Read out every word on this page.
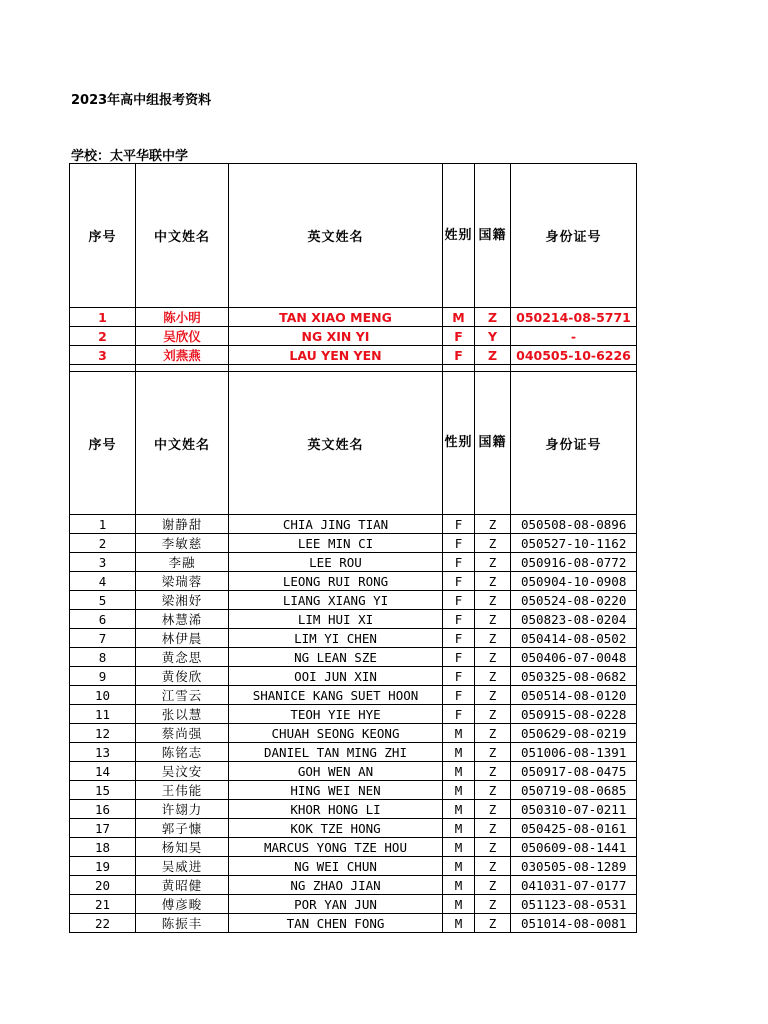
2023年高中组报考资料
学校：太平华联中学
序号	中文姓名	英文姓名	姓别	国籍	身份证号
1	陈小明	TAN XIAO MENG	M	Z	050214-08-5771
2	吴欣仪	NG XIN YI	F	Y	-
3	刘燕燕	LAU YEN YEN	F	Z	040505-10-6226

序号	中文姓名	英文姓名	性别	国籍	身份证号
1	谢静甜	CHIA JING TIAN	F	Z	050508-08-0896
2	李敏慈	LEE MIN CI	F	Z	050527-10-1162
3	李融	LEE ROU	F	Z	050916-08-0772
4	梁瑞蓉	LEONG RUI RONG	F	Z	050904-10-0908
5	梁湘妤	LIANG XIANG YI	F	Z	050524-08-0220
6	林慧浠	LIM HUI XI	F	Z	050823-08-0204
7	林伊晨	LIM YI CHEN	F	Z	050414-08-0502
8	黄念思	NG LEAN SZE	F	Z	050406-07-0048
9	黄俊欣	OOI JUN XIN	F	Z	050325-08-0682
10	江雪云	SHANICE KANG SUET HOON	F	Z	050514-08-0120
11	张以慧	TEOH YIE HYE	F	Z	050915-08-0228
12	蔡尚强	CHUAH SEONG KEONG	M	Z	050629-08-0219
13	陈铭志	DANIEL TAN MING ZHI	M	Z	051006-08-1391
14	吴汶安	GOH WEN AN	M	Z	050917-08-0475
15	王伟能	HING WEI NEN	M	Z	050719-08-0685
16	许翃力	KHOR HONG LI	M	Z	050310-07-0211
17	郭子慷	KOK TZE HONG	M	Z	050425-08-0161
18	杨知昊	MARCUS YONG TZE HOU	M	Z	050609-08-1441
19	吴威进	NG WEI CHUN	M	Z	030505-08-1289
20	黄昭健	NG ZHAO JIAN	M	Z	041031-07-0177
21	傅彦畯	POR YAN JUN	M	Z	051123-08-0531
22	陈振丰	TAN CHEN FONG	M	Z	051014-08-0081
